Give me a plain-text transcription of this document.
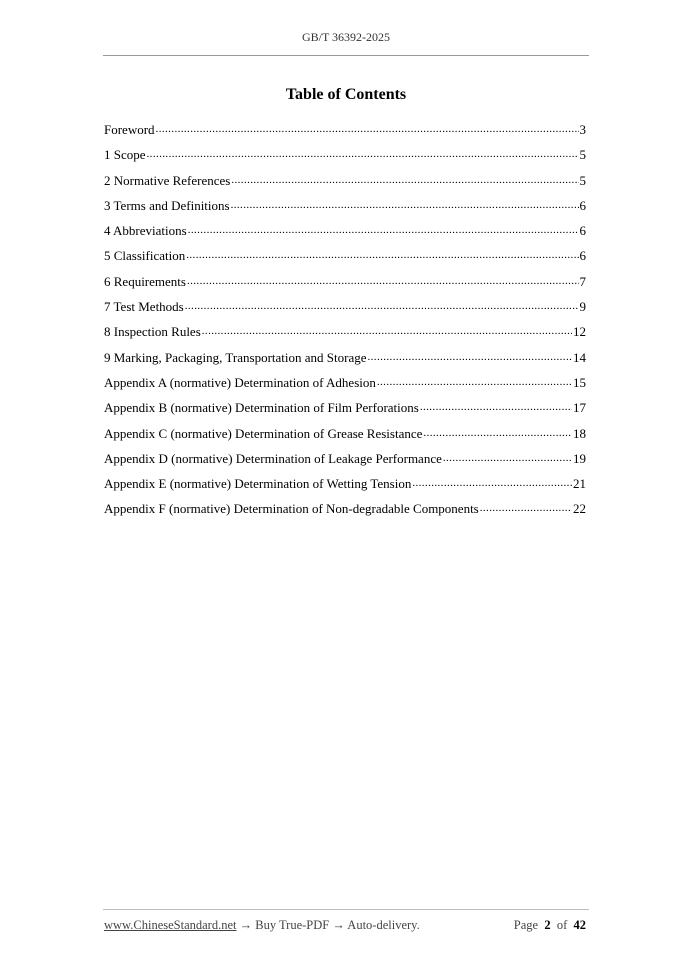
GB/T 36392-2025
Table of Contents
Foreword .....	3
1 Scope .....	5
2 Normative References .....	5
3 Terms and Definitions .....	6
4 Abbreviations .....	6
5 Classification .....	6
6 Requirements .....	7
7 Test Methods .....	9
8 Inspection Rules .....	12
9 Marking, Packaging, Transportation and Storage .....	14
Appendix A (normative) Determination of Adhesion .....	15
Appendix B (normative) Determination of Film Perforations .....	17
Appendix C (normative) Determination of Grease Resistance .....	18
Appendix D (normative) Determination of Leakage Performance .....	19
Appendix E (normative) Determination of Wetting Tension .....	21
Appendix F (normative) Determination of Non-degradable Components .....	22
www.ChineseStandard.net → Buy True-PDF → Auto-delivery.	Page 2 of 42
